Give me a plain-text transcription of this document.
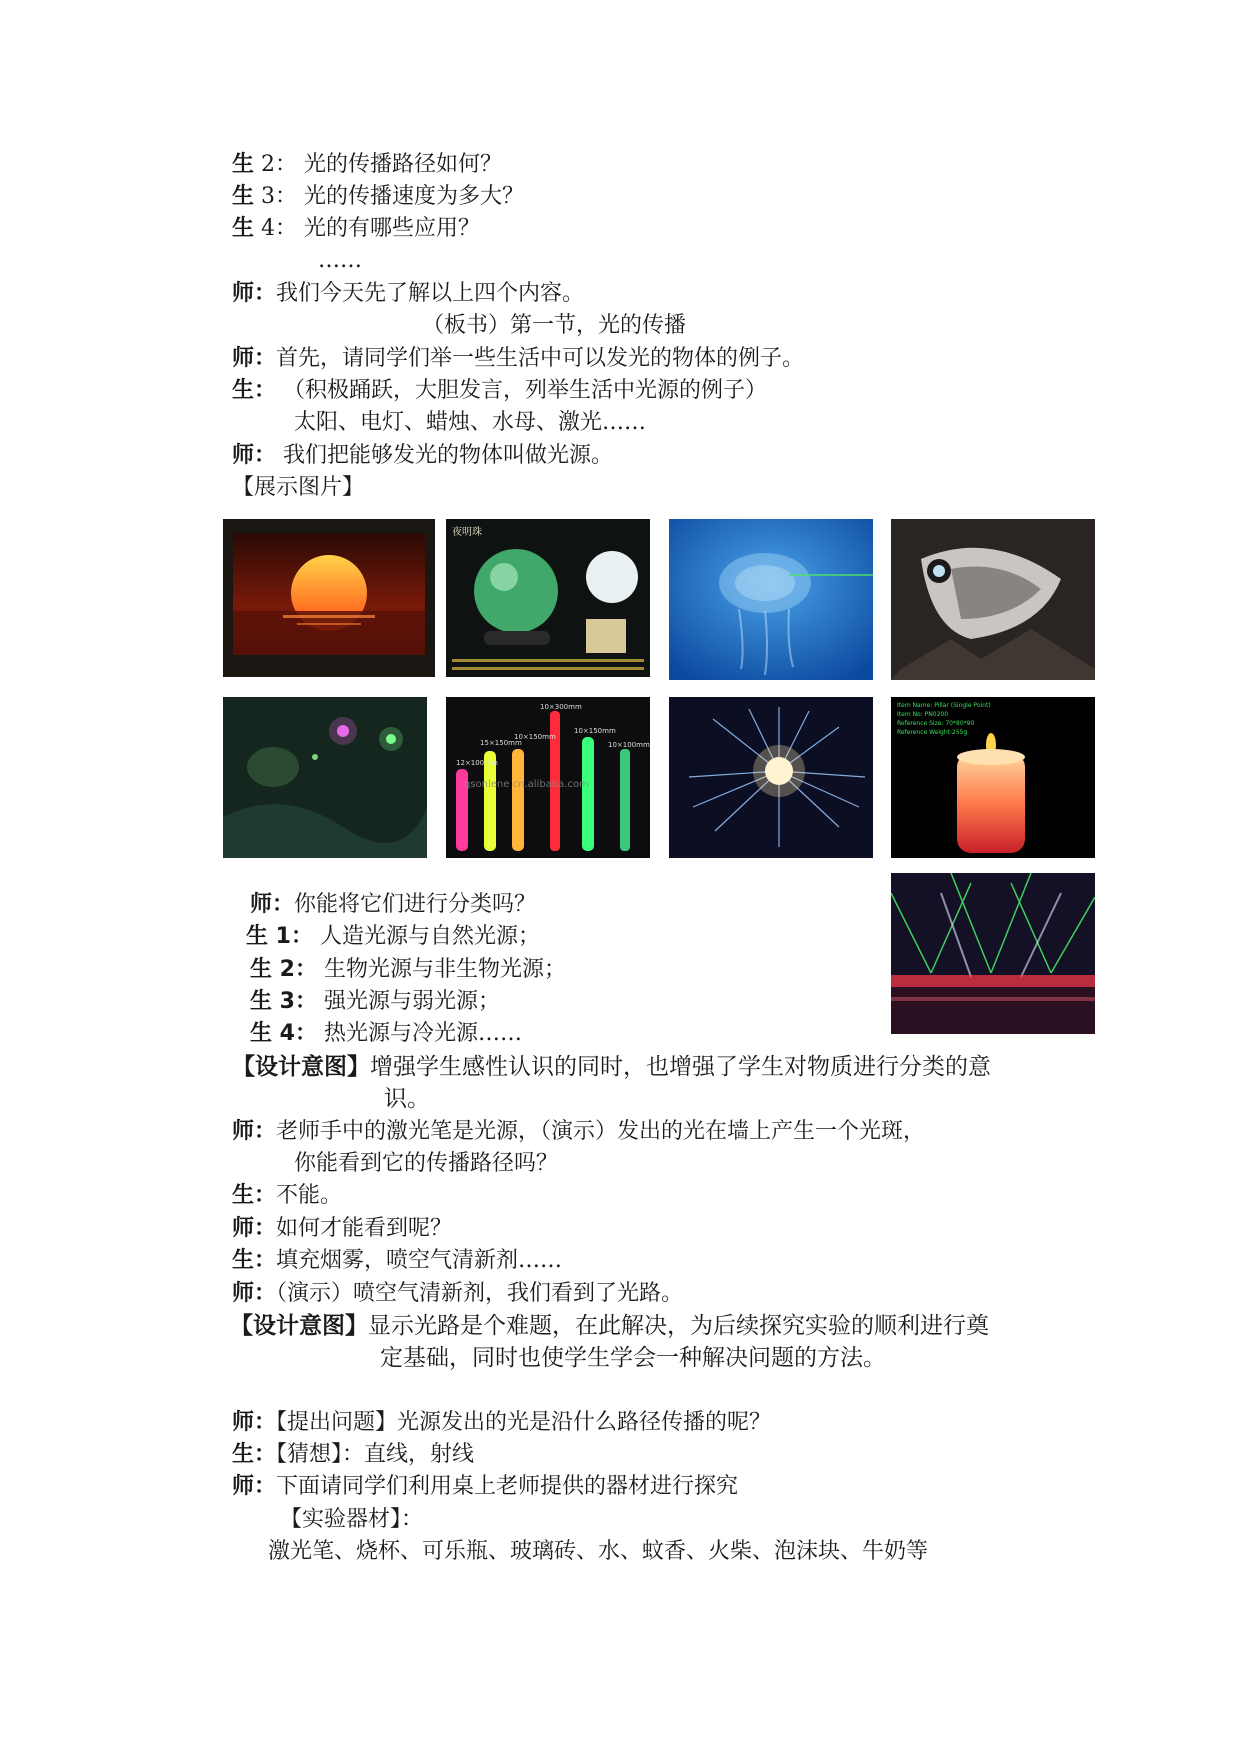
生 2： 光的传播路径如何？
生 3： 光的传播速度为多大？
生 4： 光的有哪些应用？
……
师：我们今天先了解以上四个内容。
（板书）第一节，光的传播
师：首先，请同学们举一些生活中可以发光的物体的例子。
生： （积极踊跃，大胆发言，列举生活中光源的例子）
太阳、电灯、蜡烛、水母、激光……
师： 我们把能够发光的物体叫做光源。
【展示图片】
夜明珠
12×100mm
15×150mm
10×150mm
10×300mm
10×150mm
10×100mm
qsonlene cn.alibaba.com
Item Name: Pillar (Single Point)
Item No: PN0200
Reference Size: 70*80*90
Reference Weight:255g
师：你能将它们进行分类吗？
生 1： 人造光源与自然光源；
生 2： 生物光源与非生物光源；
生 3： 强光源与弱光源；
生 4： 热光源与冷光源……
【设计意图】增强学生感性认识的同时，也增强了学生对物质进行分类的意
识。
师：老师手中的激光笔是光源，（演示）发出的光在墙上产生一个光斑，
你能看到它的传播路径吗？
生：不能。
师：如何才能看到呢？
生：填充烟雾，喷空气清新剂……
师：（演示）喷空气清新剂，我们看到了光路。
【设计意图】显示光路是个难题，在此解决，为后续探究实验的顺利进行奠
定基础，同时也使学生学会一种解决问题的方法。
师：【提出问题】光源发出的光是沿什么路径传播的呢？
生：【猜想】：直线，射线
师：下面请同学们利用桌上老师提供的器材进行探究
【实验器材】：
激光笔、烧杯、可乐瓶、玻璃砖、水、蚊香、火柴、泡沫块、牛奶等
